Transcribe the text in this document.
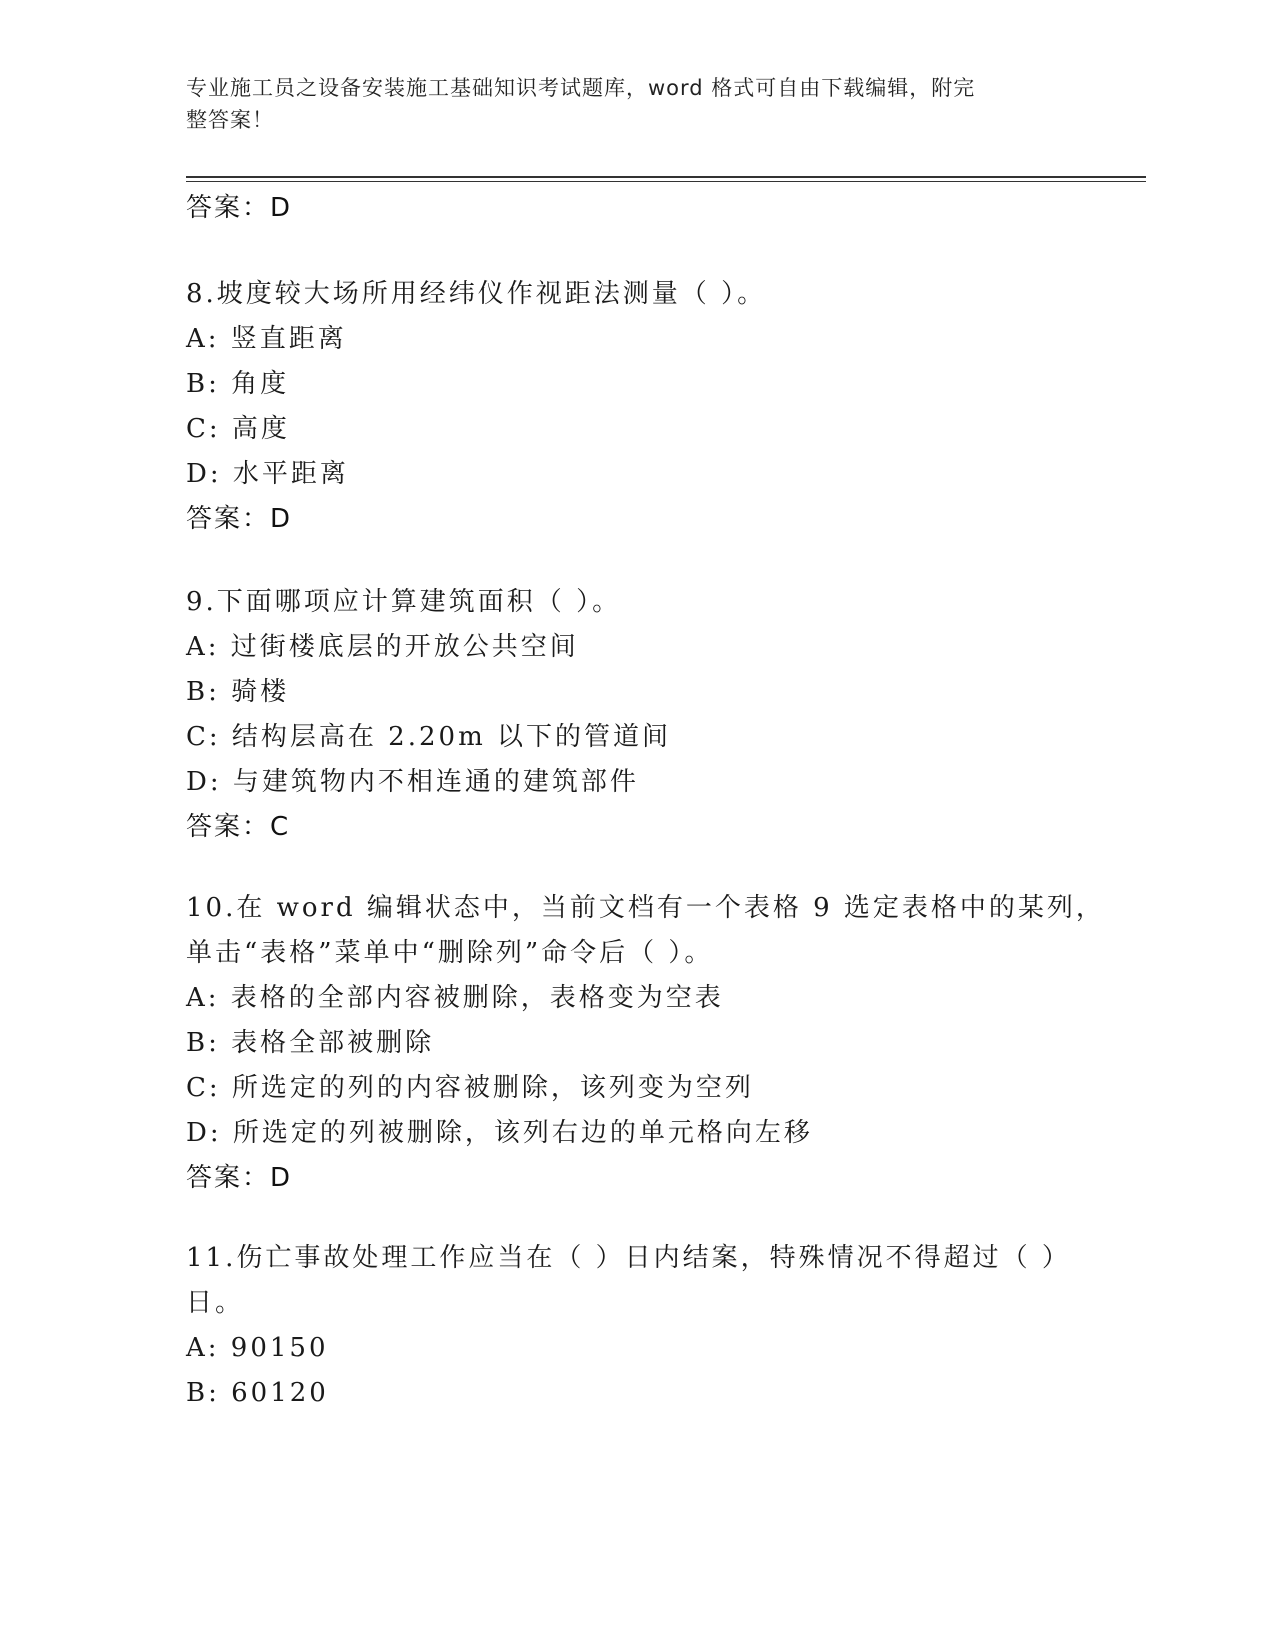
专业施工员之设备安装施工基础知识考试题库，word 格式可自由下载编辑，附完
整答案！
答案：D
8.坡度较大场所用经纬仪作视距法测量（ ）。
A: 竖直距离
B: 角度
C: 高度
D: 水平距离
答案：D
9.下面哪项应计算建筑面积（ ）。
A: 过街楼底层的开放公共空间
B: 骑楼
C: 结构层高在 2.20m 以下的管道间
D: 与建筑物内不相连通的建筑部件
答案：C
10.在 word 编辑状态中，当前文档有一个表格 9 选定表格中的某列，
单击“表格”菜单中“删除列”命令后（ ）。
A: 表格的全部内容被删除，表格变为空表
B: 表格全部被删除
C: 所选定的列的内容被删除，该列变为空列
D: 所选定的列被删除，该列右边的单元格向左移
答案：D
11.伤亡事故处理工作应当在（ ）日内结案，特殊情况不得超过（ ）
日。
A: 90150
B: 60120
